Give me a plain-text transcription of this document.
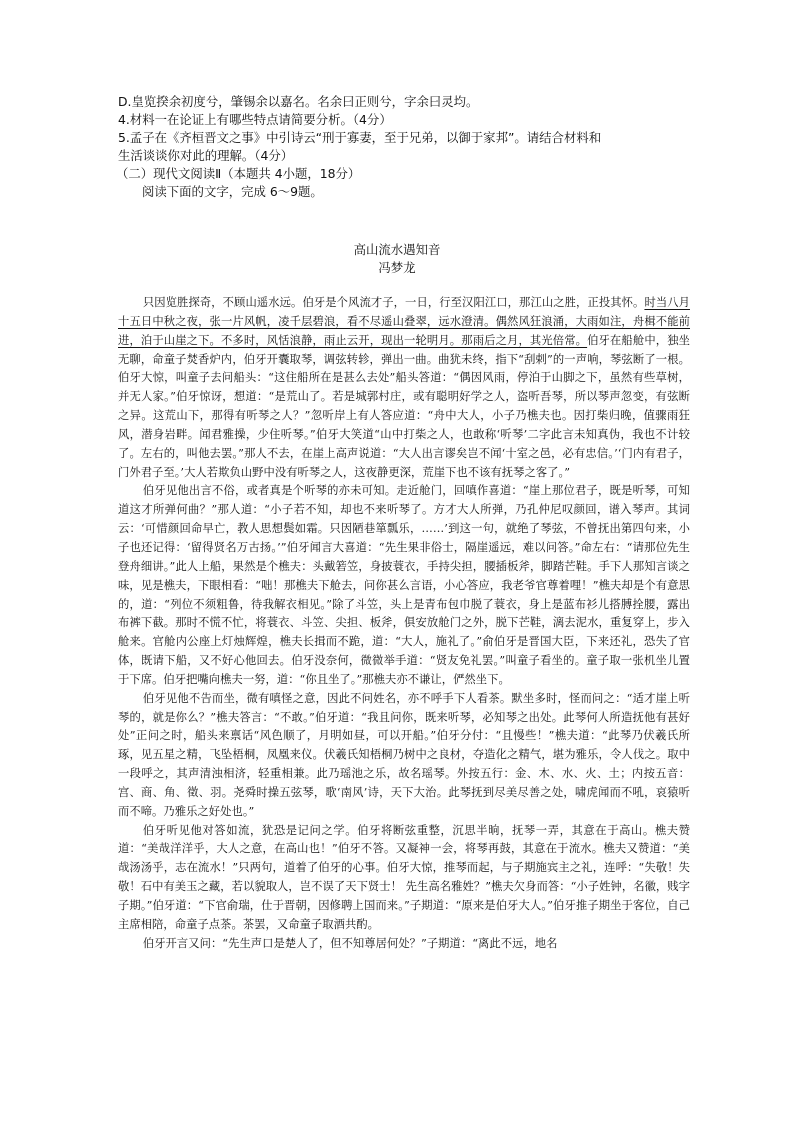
D.皇览揆余初度兮，肇锡余以嘉名。名余曰正则兮，字余曰灵均。

4.材料一在论证上有哪些特点请简要分析。（4分）

5.孟子在《齐桓晋文之事》中引诗云“刑于寡妻，至于兄弟，以御于家邦”。请结合材料和

生活谈谈你对此的理解。（4分）

（二）现代文阅读Ⅱ（本题共 4小题，18分）

阅读下面的文字，完成 6～9题。

高山流水遇知音
冯梦龙

只因览胜探奇，不顾山遥水远。伯牙是个风流才子，一日，行至汉阳江口，那江山之胜，正投其怀。时当八月十五日中秋之夜，张一片风帆，凌千层碧浪，看不尽遥山叠翠，远水澄清。偶然风狂浪涌，大雨如注，舟楫不能前进，泊于山崖之下。不多时，风恬浪静，雨止云开，现出一轮明月。那雨后之月，其光倍常。伯牙在船舱中，独坐无聊，命童子焚香炉内，伯牙开囊取琴，调弦转轸，弹出一曲。曲犹未终，指下“刮剌”的一声响，琴弦断了一根。伯牙大惊，叫童子去问船头：“这住船所在是甚么去处”船头答道：“偶因风雨，停泊于山脚之下，虽然有些草树，并无人家。”伯牙惊讶，想道：“是荒山了。若是城郭村庄，或有聪明好学之人，盗听吾琴，所以琴声忽变，有弦断之异。这荒山下，那得有听琴之人？”忽听岸上有人答应道：“舟中大人，小子乃樵夫也。因打柴归晚，值骤雨狂风，潜身岩畔。闻君雅操，少住听琴。”伯牙大笑道“山中打柴之人，也敢称‘听琴’二字此言未知真伪，我也不计较了。左右的，叫他去罢。”那人不去，在崖上高声说道：“大人出言谬矣岂不闻‘十室之邑，必有忠信。’‘门内有君子，门外君子至。’大人若欺负山野中没有听琴之人，这夜静更深，荒崖下也不该有抚琴之客了。”

伯牙见他出言不俗，或者真是个听琴的亦未可知。走近舱门，回嗔作喜道：“崖上那位君子，既是听琴，可知道这才所弹何曲？”那人道：“小子若不知，却也不来听琴了。方才大人所弹，乃孔仲尼叹颜回，谱入琴声。其词云：‘可惜颜回命早亡，教人思想鬓如霜。只因陋巷箪瓢乐，……’到这一句，就绝了琴弦，不曾抚出第四句来，小子也还记得：‘留得贤名万古扬。’”伯牙闻言大喜道：“先生果非俗士，隔崖遥远，难以问答。”命左右：“请那位先生登舟细讲。”此人上船，果然是个樵夫：头戴箬笠，身披蓑衣，手持尖担，腰插板斧，脚踏芒鞋。手下人那知言谈之味，见是樵夫，下眼相看：“咄！那樵夫下舱去，问你甚么言语，小心答应，我老爷官尊着哩！”樵夫却是个有意思的，道：“列位不须粗鲁，待我解衣相见。”除了斗笠，头上是青布包巾脱了蓑衣，身上是蓝布衫儿搭膊拴腰，露出布裤下截。那时不慌不忙，将蓑衣、斗笠、尖担、板斧，俱安放舱门之外，脱下芒鞋，漓去泥水，重复穿上，步入舱来。官舱内公座上灯烛辉煌，樵夫长揖而不跪，道：“大人，施礼了。”俞伯牙是晋国大臣，下来还礼，恐失了官体，既请下船，又不好心他回去。伯牙没奈何，微微举手道：“贤友免礼罢。”叫童子看坐的。童子取一张机坐儿置于下席。伯牙把嘴向樵夫一努，道：“你且坐了。”那樵夫亦不谦让，俨然坐下。

伯牙见他不告而坐，微有嗔怪之意，因此不问姓名，亦不呼手下人看茶。默坐多时，怪而问之：“适才崖上听琴的，就是你么？”樵夫答言：“不敢。”伯牙道：“我且问你，既来听琴，必知琴之出处。此琴何人所造抚他有甚好处”正问之时，船头来禀话“风色顺了，月明如昼，可以开船。”伯牙分付：“且慢些！”樵夫道：“此琴乃伏羲氏所琢，见五星之精，飞坠梧桐，凤凰来仪。伏羲氏知梧桐乃树中之良材，夺造化之精气，堪为雅乐，令人伐之。取中一段呼之，其声清浊相济，轻重相兼。此乃瑶池之乐，故名瑶琴。外按五行：金、木、水、火、土；内按五音：宫、商、角、徵、羽。尧舜时操五弦琴，歌‘南风’诗，天下大治。此琴抚到尽美尽善之处，啸虎闻而不吼，哀猿听而不啼。乃雅乐之好处也。”

伯牙听见他对答如流，犹恐是记问之学。伯牙将断弦重整，沉思半晌，抚琴一弄，其意在于高山。樵夫赞道：“美哉洋洋乎，大人之意，在高山也！”伯牙不答。又凝神一会，将琴再鼓，其意在于流水。樵夫又赞道：“美哉汤汤乎，志在流水！”只两句，道着了伯牙的心事。伯牙大惊，推琴而起，与子期施宾主之礼，连呼：“失敬！失敬！石中有美玉之藏，若以貌取人，岂不误了天下贤士！ 先生高名雅姓？”樵夫欠身而答：“小子姓钟，名徽，贱字子期。”伯牙道：“下官俞瑞，仕于晋朝，因修聘上国而来。”子期道：“原来是伯牙大人。”伯牙推子期坐于客位，自己主席相陪，命童子点茶。茶罢，又命童子取酒共酌。

伯牙开言又问：“先生声口是楚人了，但不知尊居何处？”子期道：“离此不远，地名
